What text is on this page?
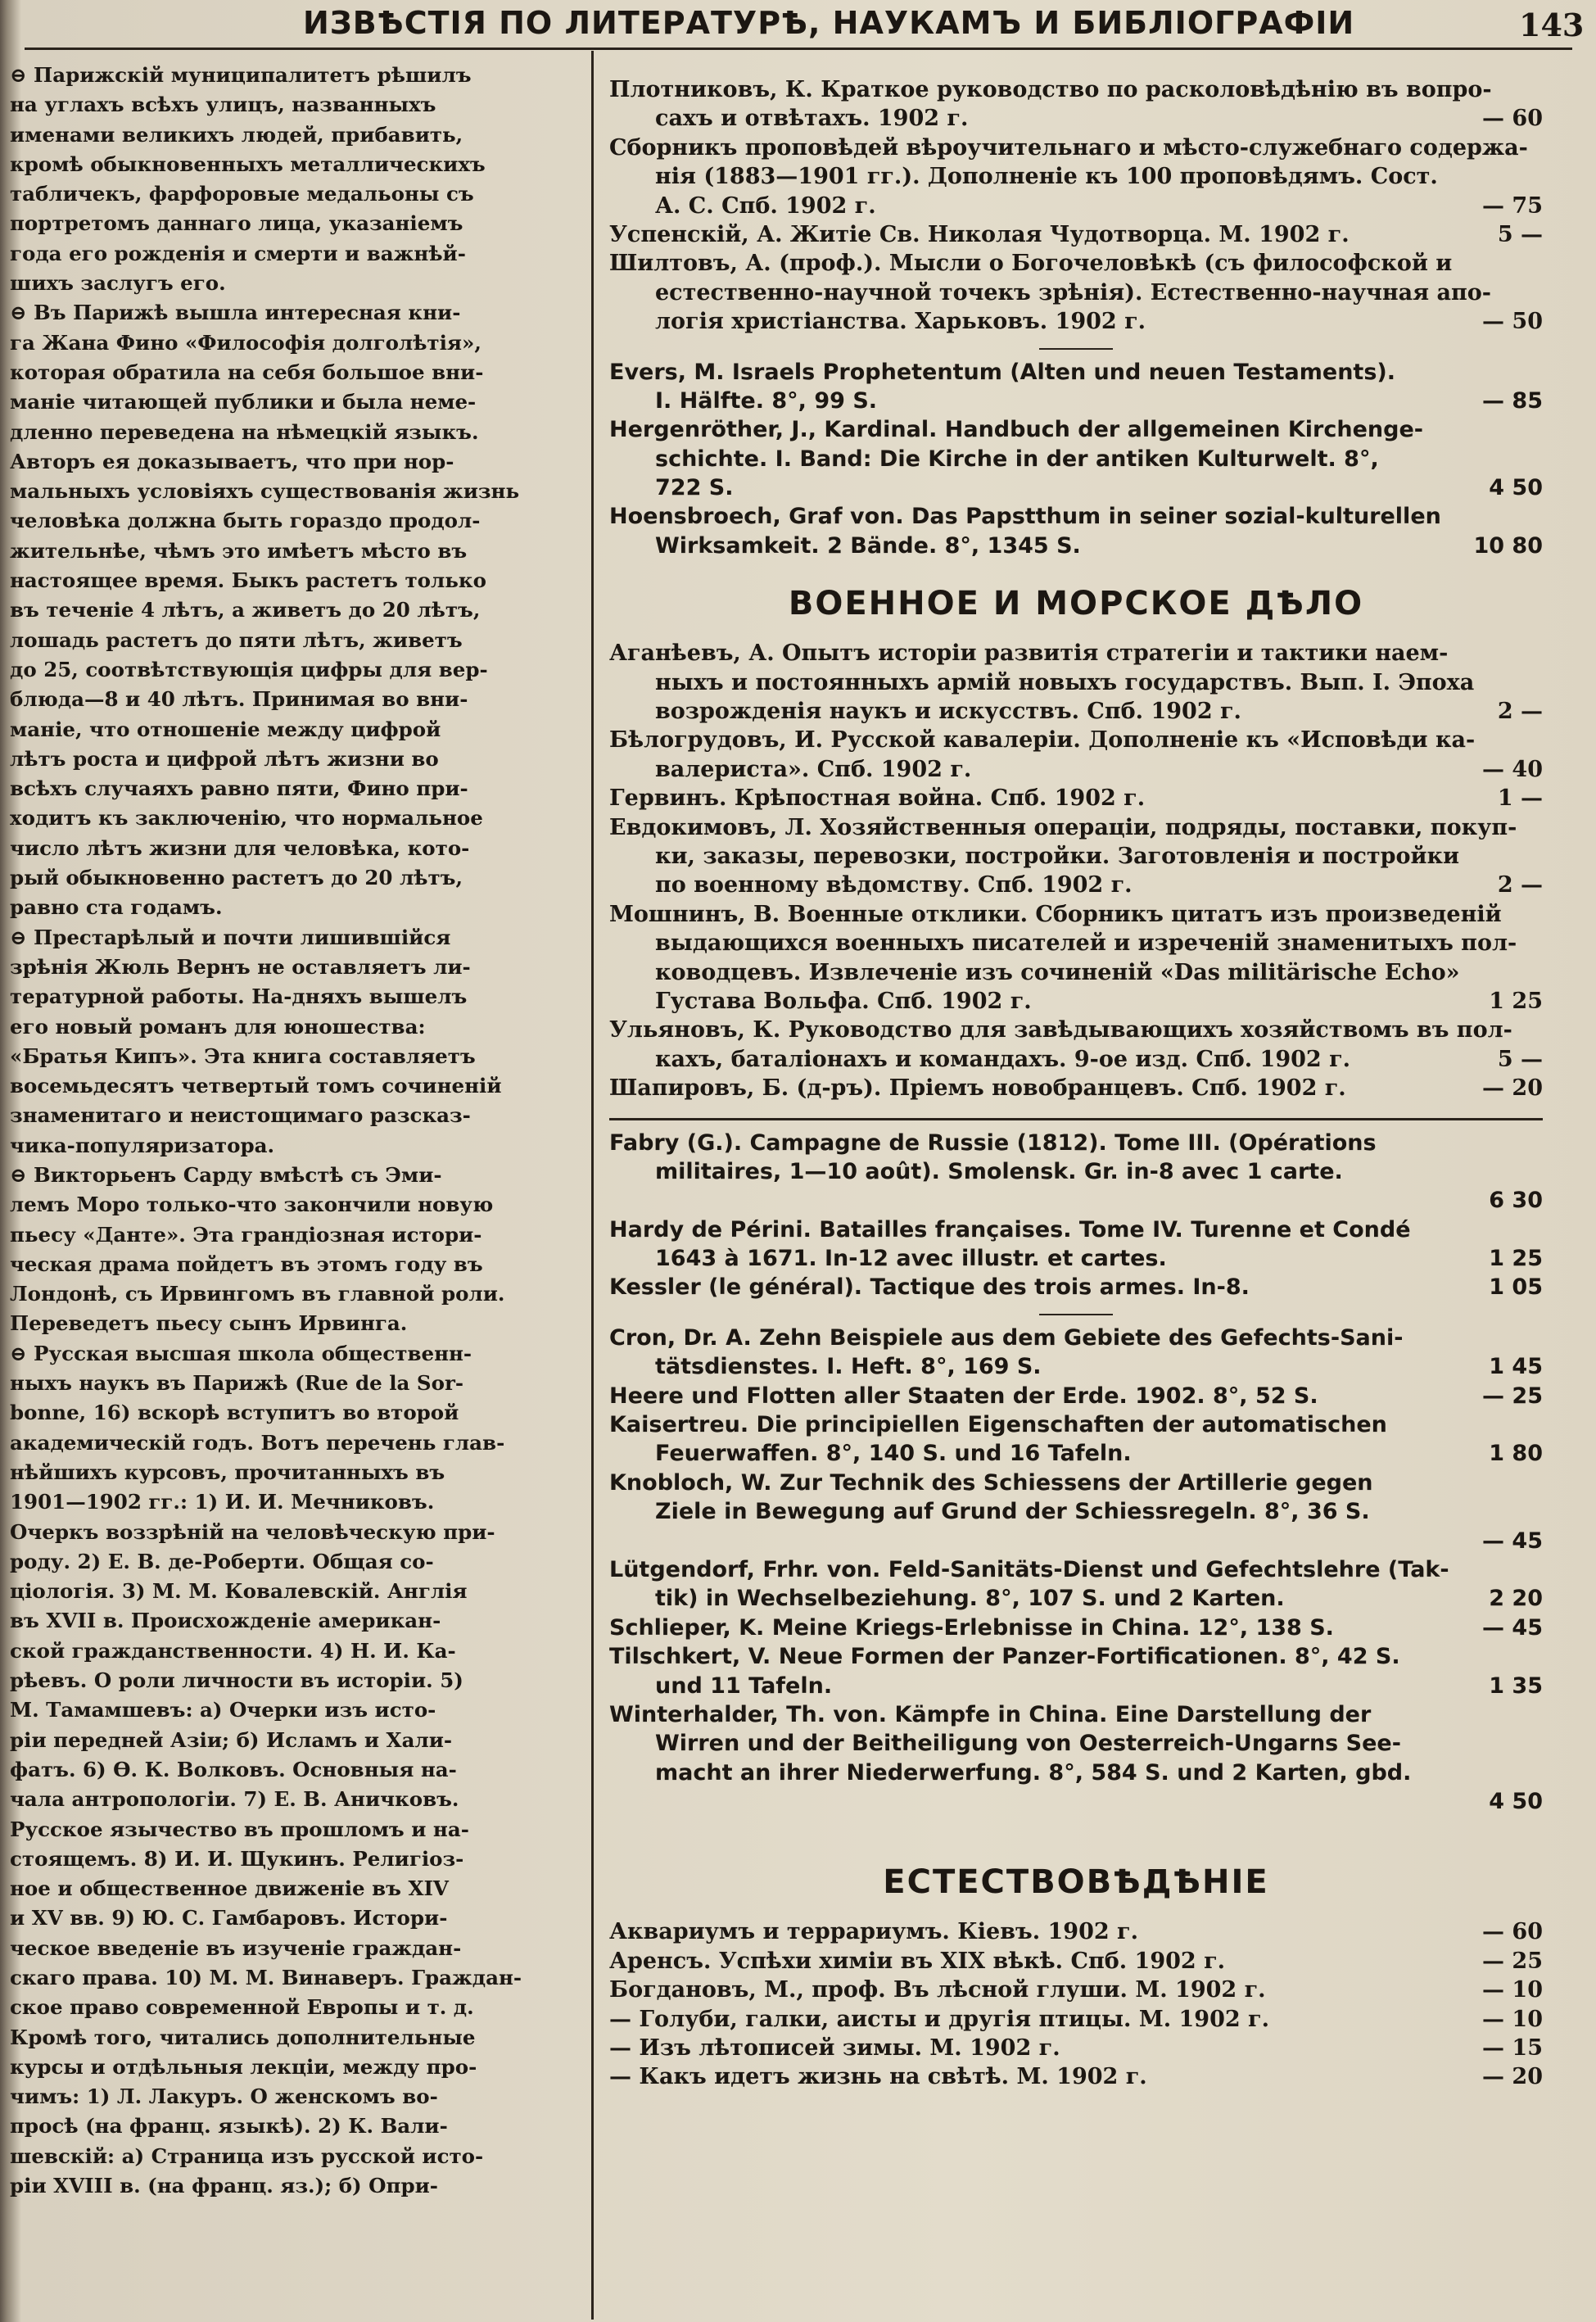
ИЗВѢСТІЯ ПО ЛИТЕРАТУРѢ, НАУКАМЪ И БИБЛІОГРАФІИ	143
⊖ Парижскій муниципалитетъ рѣшилъ
на углахъ всѣхъ улицъ, названныхъ
именами великихъ людей, прибавить,
кромѣ обыкновенныхъ металлическихъ
табличекъ, фарфоровые медальоны съ
портретомъ даннаго лица, указаніемъ
года его рожденія и смерти и важнѣй-
шихъ заслугъ его.
⊖ Въ Парижѣ вышла интересная кни-
га Жана Фино «Философія долголѣтія»,
которая обратила на себя большое вни-
маніе читающей публики и была неме-
дленно переведена на нѣмецкій языкъ.
Авторъ ея доказываетъ, что при нор-
мальныхъ условіяхъ существованія жизнь
человѣка должна быть гораздо продол-
жительнѣе, чѣмъ это имѣетъ мѣсто въ
настоящее время. Быкъ растетъ только
въ теченіе 4 лѣтъ, а живетъ до 20 лѣтъ,
лошадь растетъ до пяти лѣтъ, живетъ
до 25, соотвѣтствующія цифры для вер-
блюда—8 и 40 лѣтъ. Принимая во вни-
маніе, что отношеніе между цифрой
лѣтъ роста и цифрой лѣтъ жизни во
всѣхъ случаяхъ равно пяти, Фино при-
ходитъ къ заключенію, что нормальное
число лѣтъ жизни для человѣка, кото-
рый обыкновенно растетъ до 20 лѣтъ,
равно ста годамъ.
⊖ Престарѣлый и почти лишившійся
зрѣнія Жюль Вернъ не оставляетъ ли-
тературной работы. На-дняхъ вышелъ
его новый романъ для юношества:
«Братья Кипъ». Эта книга составляетъ
восемьдесятъ четвертый томъ сочиненій
знаменитаго и неистощимаго разсказ-
чика-популяризатора.
⊖ Викторьенъ Сарду вмѣстѣ съ Эми-
лемъ Моро только-что закончили новую
пьесу «Данте». Эта грандіозная истори-
ческая драма пойдетъ въ этомъ году въ
Лондонѣ, съ Ирвингомъ въ главной роли.
Переведетъ пьесу сынъ Ирвинга.
⊖ Русская высшая школа общественн-
ныхъ наукъ въ Парижѣ (Rue de la Sor-
bonne, 16) вскорѣ вступитъ во второй
академическій годъ. Вотъ перечень глав-
нѣйшихъ курсовъ, прочитанныхъ въ
1901—1902 гг.: 1) И. И. Мечниковъ.
Очеркъ воззрѣній на человѣческую при-
роду. 2) Е. В. де-Роберти. Общая со-
ціологія. 3) М. М. Ковалевскій. Англія
въ XVII в. Происхожденіе американ-
ской гражданственности. 4) Н. И. Ка-
рѣевъ. О роли личности въ исторіи. 5)
М. Тамамшевъ: а) Очерки изъ исто-
ріи передней Азіи; б) Исламъ и Хали-
фатъ. 6) Ѳ. К. Волковъ. Основныя на-
чала антропологіи. 7) Е. В. Аничковъ.
Русское язычество въ прошломъ и на-
стоящемъ. 8) И. И. Щукинъ. Религіоз-
ное и общественное движеніе въ XIV
и XV вв. 9) Ю. С. Гамбаровъ. Истори-
ческое введеніе въ изученіе граждан-
скаго права. 10) М. М. Винаверъ. Граждан-
ское право современной Европы и т. д.
Кромѣ того, читались дополнительные
курсы и отдѣльныя лекціи, между про-
чимъ: 1) Л. Лакуръ. О женскомъ во-
просѣ (на франц. языкѣ). 2) К. Вали-
шевскій: а) Страница изъ русской исто-
ріи XVIII в. (на франц. яз.); б) Опри-
Плотниковъ, К. Краткое руководство по расколовѣдѣнію въ вопро-
сахъ и отвѣтахъ. 1902 г.	— 60
Сборникъ проповѣдей вѣроучительнаго и мѣсто-служебнаго содержа-
нія (1883—1901 гг.). Дополненіе къ 100 проповѣдямъ. Сост.
А. С. Спб. 1902 г.	— 75
Успенскій, А. Житіе Св. Николая Чудотворца. М. 1902 г.	5 —
Шилтовъ, А. (проф.). Мысли о Богочеловѣкѣ (съ философской и
естественно-научной точекъ зрѣнія). Естественно-научная апо-
логія христіанства. Харьковъ. 1902 г.	— 50
Evers, M. Israels Prophetentum (Alten und neuen Testaments).
I. Hälfte. 8°, 99 S.	— 85
Hergenröther, J., Kardinal. Handbuch der allgemeinen Kirchenge-
schichte. I. Band: Die Kirche in der antiken Kulturwelt. 8°,
722 S.	4 50
Hoensbroech, Graf von. Das Papstthum in seiner sozial-kulturellen
Wirksamkeit. 2 Bände. 8°, 1345 S.	10 80
ВОЕННОЕ И МОРСКОЕ ДѢЛО
Аганѣевъ, А. Опытъ исторіи развитія стратегіи и тактики наем-
ныхъ и постоянныхъ армій новыхъ государствъ. Вып. I. Эпоха
возрожденія наукъ и искусствъ. Спб. 1902 г.	2 —
Бѣлогрудовъ, И. Русской кавалеріи. Дополненіе къ «Исповѣди ка-
валериста». Спб. 1902 г.	— 40
Гервинъ. Крѣпостная война. Спб. 1902 г.	1 —
Евдокимовъ, Л. Хозяйственныя операціи, подряды, поставки, покуп-
ки, заказы, перевозки, постройки. Заготовленія и постройки
по военному вѣдомству. Спб. 1902 г.	2 —
Мошнинъ, В. Военные отклики. Сборникъ цитатъ изъ произведеній
выдающихся военныхъ писателей и изреченій знаменитыхъ пол-
ководцевъ. Извлеченіе изъ сочиненій «Das militärische Echo»
Густава Вольфа. Спб. 1902 г.	1 25
Ульяновъ, К. Руководство для завѣдывающихъ хозяйствомъ въ пол-
кахъ, баталіонахъ и командахъ. 9-ое изд. Спб. 1902 г.	5 —
Шапировъ, Б. (д-ръ). Пріемъ новобранцевъ. Спб. 1902 г.	— 20
Fabry (G.). Campagne de Russie (1812). Tome III. (Opérations
militaires, 1—10 août). Smolensk. Gr. in-8 avec 1 carte.
6 30
Hardy de Périni. Batailles françaises. Tome IV. Turenne et Condé
1643 à 1671. In-12 avec illustr. et cartes.	1 25
Kessler (le général). Tactique des trois armes. In-8.	1 05
Cron, Dr. A. Zehn Beispiele aus dem Gebiete des Gefechts-Sani-
tätsdienstes. I. Heft. 8°, 169 S.	1 45
Heere und Flotten aller Staaten der Erde. 1902. 8°, 52 S.	— 25
Kaisertreu. Die principiellen Eigenschaften der automatischen
Feuerwaffen. 8°, 140 S. und 16 Tafeln.	1 80
Knobloch, W. Zur Technik des Schiessens der Artillerie gegen
Ziele in Bewegung auf Grund der Schiessregeln. 8°, 36 S.
— 45
Lütgendorf, Frhr. von. Feld-Sanitäts-Dienst und Gefechtslehre (Tak-
tik) in Wechselbeziehung. 8°, 107 S. und 2 Karten.	2 20
Schlieper, K. Meine Kriegs-Erlebnisse in China. 12°, 138 S.	— 45
Tilschkert, V. Neue Formen der Panzer-Fortificationen. 8°, 42 S.
und 11 Tafeln.	1 35
Winterhalder, Th. von. Kämpfe in China. Eine Darstellung der
Wirren und der Beitheiligung von Oesterreich-Ungarns See-
macht an ihrer Niederwerfung. 8°, 584 S. und 2 Karten, gbd.
4 50
ЕСТЕСТВОВѢДѢНІЕ
Аквариумъ и террариумъ. Кіевъ. 1902 г.	— 60
Аренсъ. Успѣхи химіи въ XIX вѣкѣ. Спб. 1902 г.	— 25
Богдановъ, М., проф. Въ лѣсной глуши. М. 1902 г.	— 10
— Голуби, галки, аисты и другія птицы. М. 1902 г.	— 10
— Изъ лѣтописей зимы. М. 1902 г.	— 15
— Какъ идетъ жизнь на свѣтѣ. М. 1902 г.	— 20
